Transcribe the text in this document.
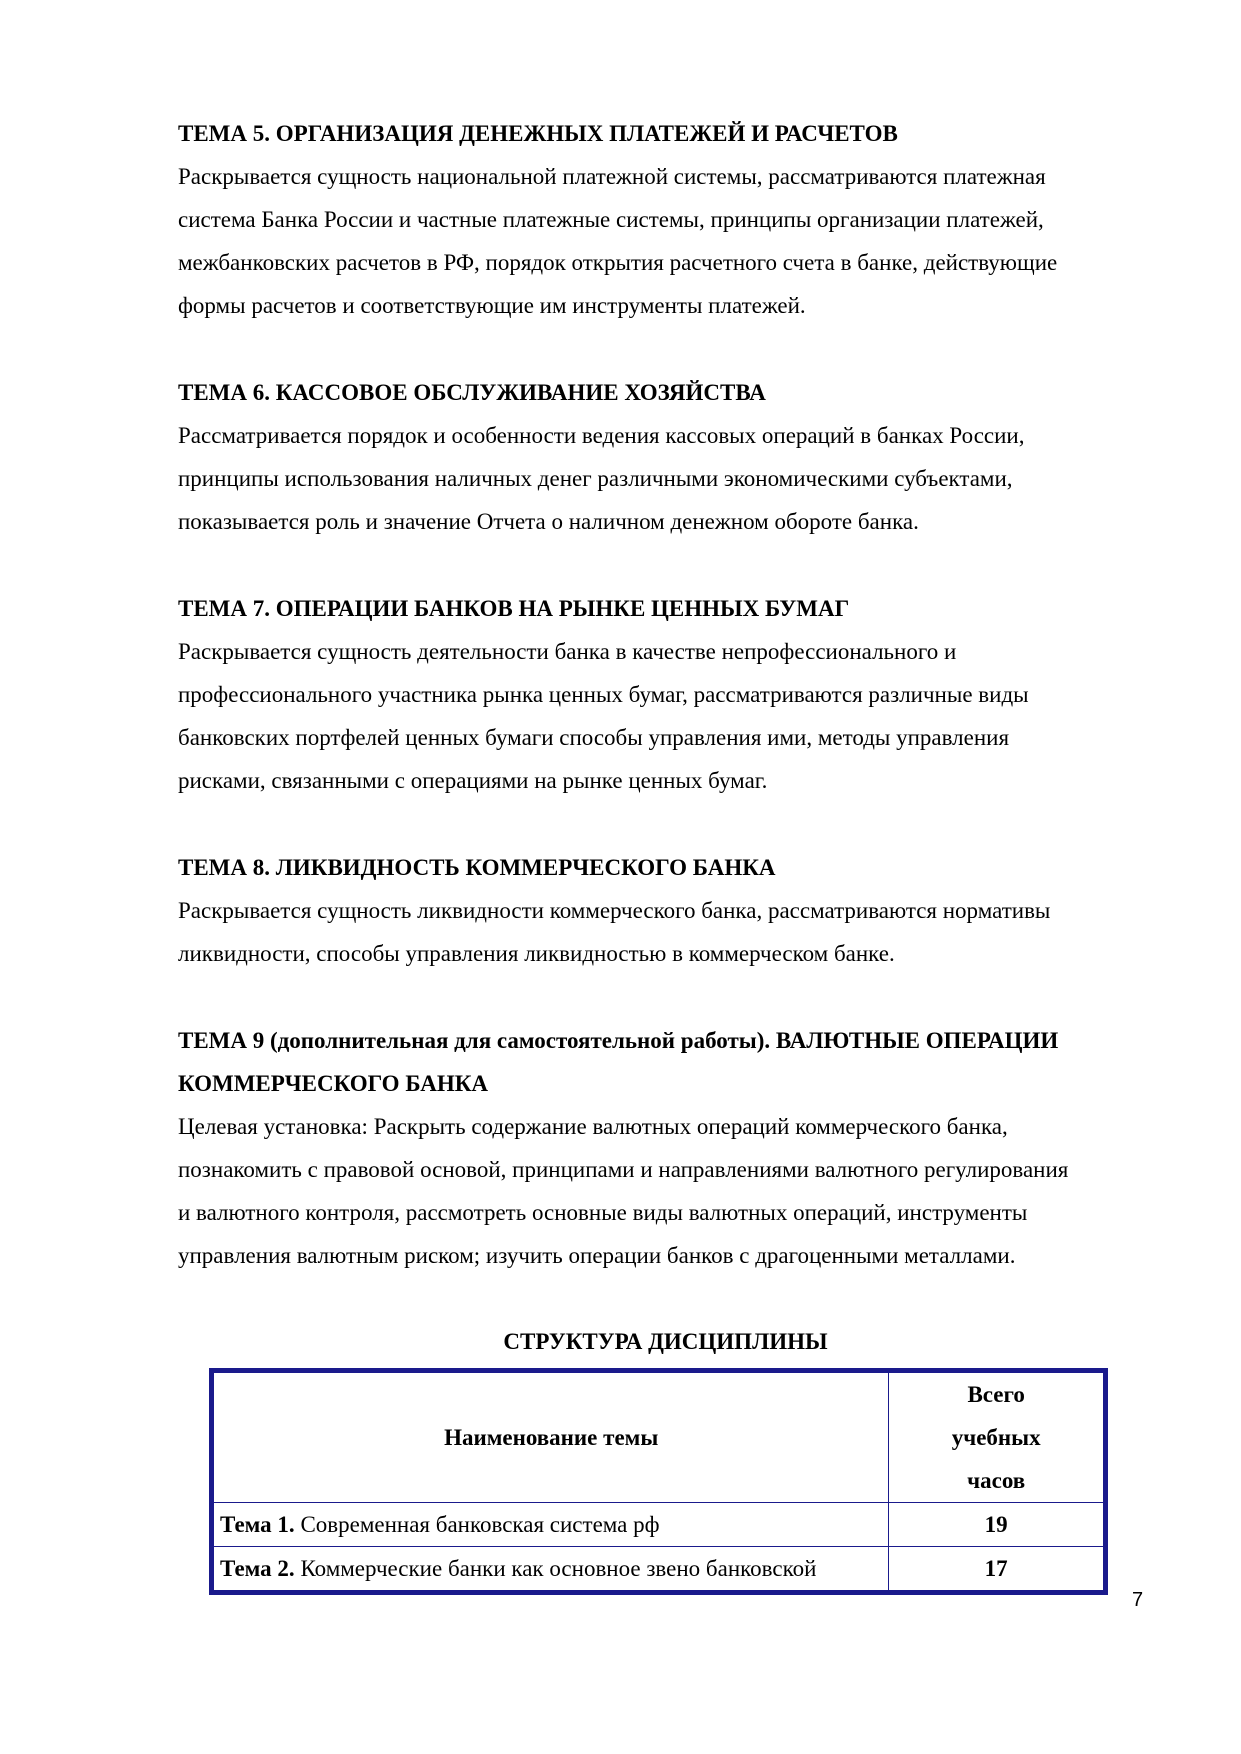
ТЕМА 5. ОРГАНИЗАЦИЯ ДЕНЕЖНЫХ ПЛАТЕЖЕЙ И РАСЧЕТОВ

Раскрывается сущность национальной платежной системы, рассматриваются платежная
система Банка России и частные платежные системы, принципы организации платежей,
межбанковских расчетов в РФ, порядок открытия расчетного счета в банке, действующие
формы расчетов и соответствующие им инструменты платежей.

ТЕМА 6. КАССОВОЕ ОБСЛУЖИВАНИЕ ХОЗЯЙСТВА

Рассматривается порядок и особенности ведения кассовых операций в банках России,
принципы использования наличных денег различными экономическими субъектами,
показывается роль и значение Отчета о наличном денежном обороте банка.

ТЕМА 7. ОПЕРАЦИИ БАНКОВ НА РЫНКЕ ЦЕННЫХ БУМАГ

Раскрывается сущность деятельности банка в качестве непрофессионального и
профессионального участника рынка ценных бумаг, рассматриваются различные виды
банковских портфелей ценных бумаги способы управления ими, методы управления
рисками, связанными с операциями на рынке ценных бумаг.

ТЕМА 8. ЛИКВИДНОСТЬ КОММЕРЧЕСКОГО БАНКА

Раскрывается сущность ликвидности коммерческого банка, рассматриваются нормативы
ликвидности, способы управления ликвидностью в коммерческом банке.

ТЕМА 9 (дополнительная для самостоятельной работы). ВАЛЮТНЫЕ ОПЕРАЦИИ

КОММЕРЧЕСКОГО БАНКА

Целевая установка: Раскрыть содержание валютных операций коммерческого банка,
познакомить с правовой основой, принципами и направлениями валютного регулирования
и валютного контроля, рассмотреть основные виды валютных операций, инструменты
управления валютным риском; изучить операции банков с драгоценными металлами.

СТРУКТУРА ДИСЦИПЛИНЫ
Наименование темы	Всего
учебных
часов
Тема 1. Современная банковская система рф	19
Тема 2. Коммерческие банки как основное звено банковской	17
7
